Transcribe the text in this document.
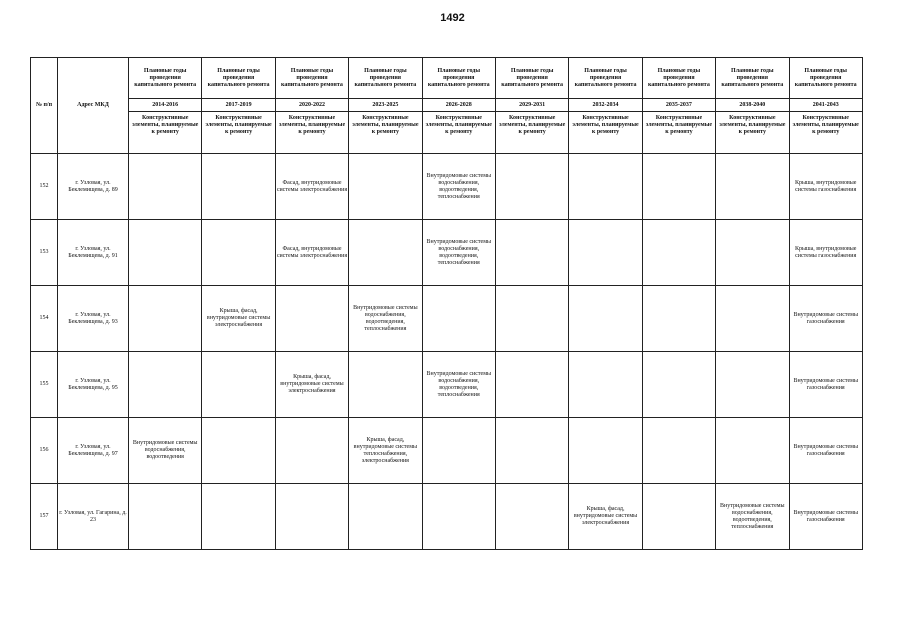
1492
№ п/п	Адрес МКД	Плановые годы проведения капитального ремонта	Плановые годы проведения капитального ремонта	Плановые годы проведения капитального ремонта	Плановые годы проведения капитального ремонта	Плановые годы проведения капитального ремонта	Плановые годы проведения капитального ремонта	Плановые годы проведения капитального ремонта	Плановые годы проведения капитального ремонта	Плановые годы проведения капитального ремонта	Плановые годы проведения капитального ремонта
		2014-2016	2017-2019	2020-2022	2023-2025	2026-2028	2029-2031	2032-2034	2035-2037	2038-2040	2041-2043
		Конструктивные элементы, планируемые к ремонту	Конструктивные элементы, планируемые к ремонту	Конструктивные элементы, планируемые к ремонту	Конструктивные элементы, планируемые к ремонту	Конструктивные элементы, планируемые к ремонту	Конструктивные элементы, планируемые к ремонту	Конструктивные элементы, планируемые к ремонту	Конструктивные элементы, планируемые к ремонту	Конструктивные элементы, планируемые к ремонту	Конструктивные элементы, планируемые к ремонту
152	г. Узловая, ул. Беклемищева, д. 89			Фасад, внутридомовые системы электроснабжения		Внутридомовые системы водоснабжения, водоотведения, теплоснабжения					Крыша, внутридомовые системы газоснабжения
153	г. Узловая, ул. Беклемищева, д. 91			Фасад, внутридомовые системы электроснабжения		Внутридомовые системы водоснабжения, водоотведения, теплоснабжения					Крыша, внутридомовые системы газоснабжения
154	г. Узловая, ул. Беклемищева, д. 93		Крыша, фасад, внутридомовые системы электроснабжения		Внутридомовые системы водоснабжения, водоотведения, теплоснабжения						Внутридомовые системы газоснабжения
155	г. Узловая, ул. Беклемищева, д. 95			Крыша, фасад, внутридомовые системы электроснабжения		Внутридомовые системы водоснабжения, водоотведения, теплоснабжения					Внутридомовые системы газоснабжения
156	г. Узловая, ул. Беклемищева, д. 97	Внутридомовые системы водоснабжения, водоотведения			Крыша, фасад, внутридомовые системы теплоснабжения, электроснабжения						Внутридомовые системы газоснабжения
157	г. Узловая, ул. Гагарина, д. 23							Крыша, фасад, внутридомовые системы электроснабжения		Внутридомовые системы водоснабжения, водоотведения, теплоснабжения	Внутридомовые системы газоснабжения
